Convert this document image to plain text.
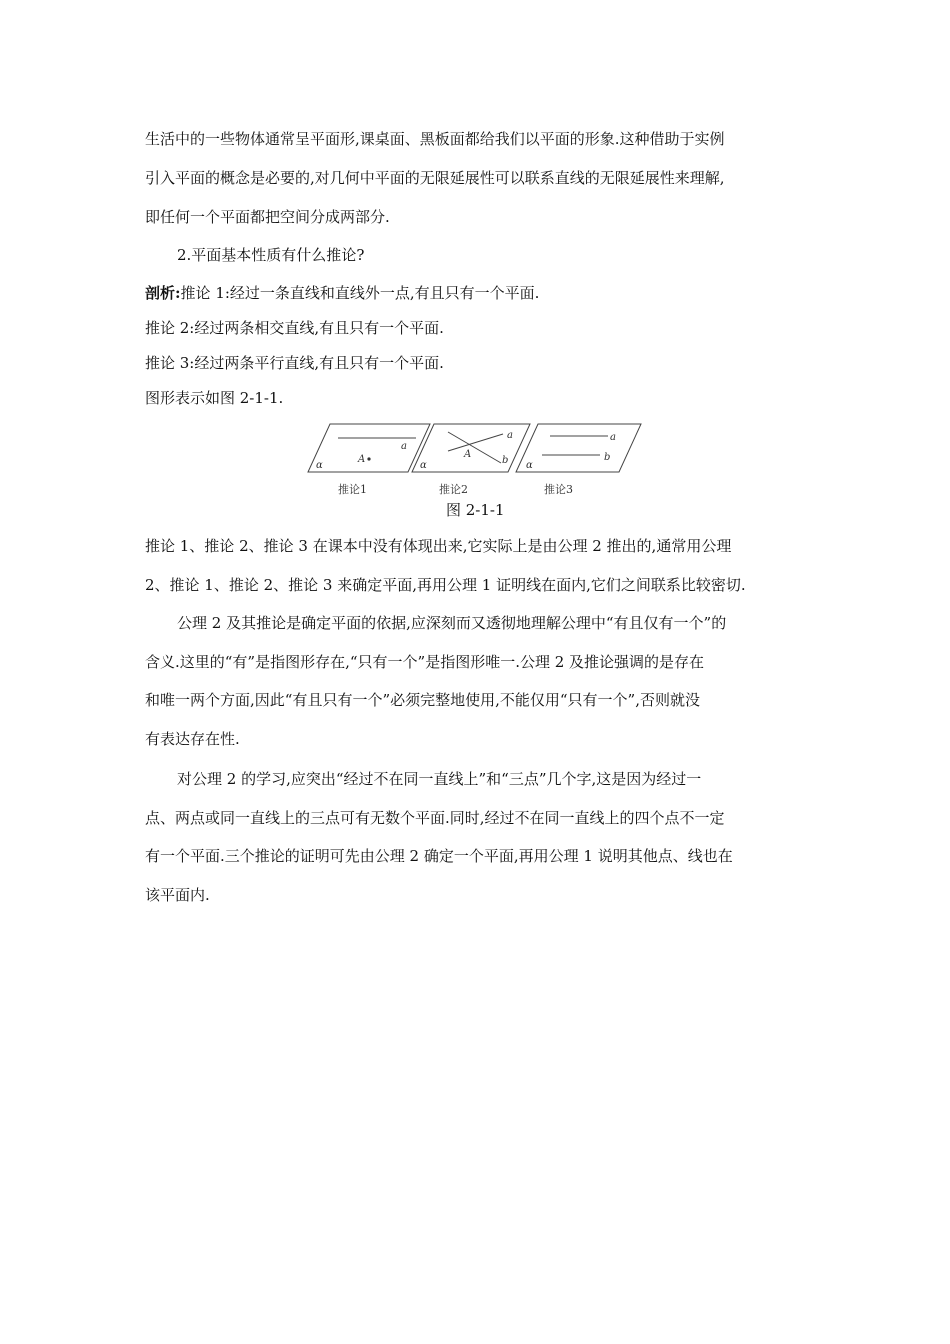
生活中的一些物体通常呈平面形,课桌面、黑板面都给我们以平面的形象.这种借助于实例
引入平面的概念是必要的,对几何中平面的无限延展性可以联系直线的无限延展性来理解,
即任何一个平面都把空间分成两部分.
2.平面基本性质有什么推论?
剖析:推论 1:经过一条直线和直线外一点,有且只有一个平面.
推论 2:经过两条相交直线,有且只有一个平面.
推论 3:经过两条平行直线,有且只有一个平面.
图形表示如图 2-1-1.
a
A
α
推论1
a
b
A
α
推论2
a
b
α
推论3
图 2-1-1
推论 1、推论 2、推论 3 在课本中没有体现出来,它实际上是由公理 2 推出的,通常用公理
2、推论 1、推论 2、推论 3 来确定平面,再用公理 1 证明线在面内,它们之间联系比较密切.
公理 2 及其推论是确定平面的依据,应深刻而又透彻地理解公理中“有且仅有一个”的
含义.这里的“有”是指图形存在,“只有一个”是指图形唯一.公理 2 及推论强调的是存在
和唯一两个方面,因此“有且只有一个”必须完整地使用,不能仅用“只有一个”,否则就没
有表达存在性.
对公理 2 的学习,应突出“经过不在同一直线上”和“三点”几个字,这是因为经过一
点、两点或同一直线上的三点可有无数个平面.同时,经过不在同一直线上的四个点不一定
有一个平面.三个推论的证明可先由公理 2 确定一个平面,再用公理 1 说明其他点、线也在
该平面内.
